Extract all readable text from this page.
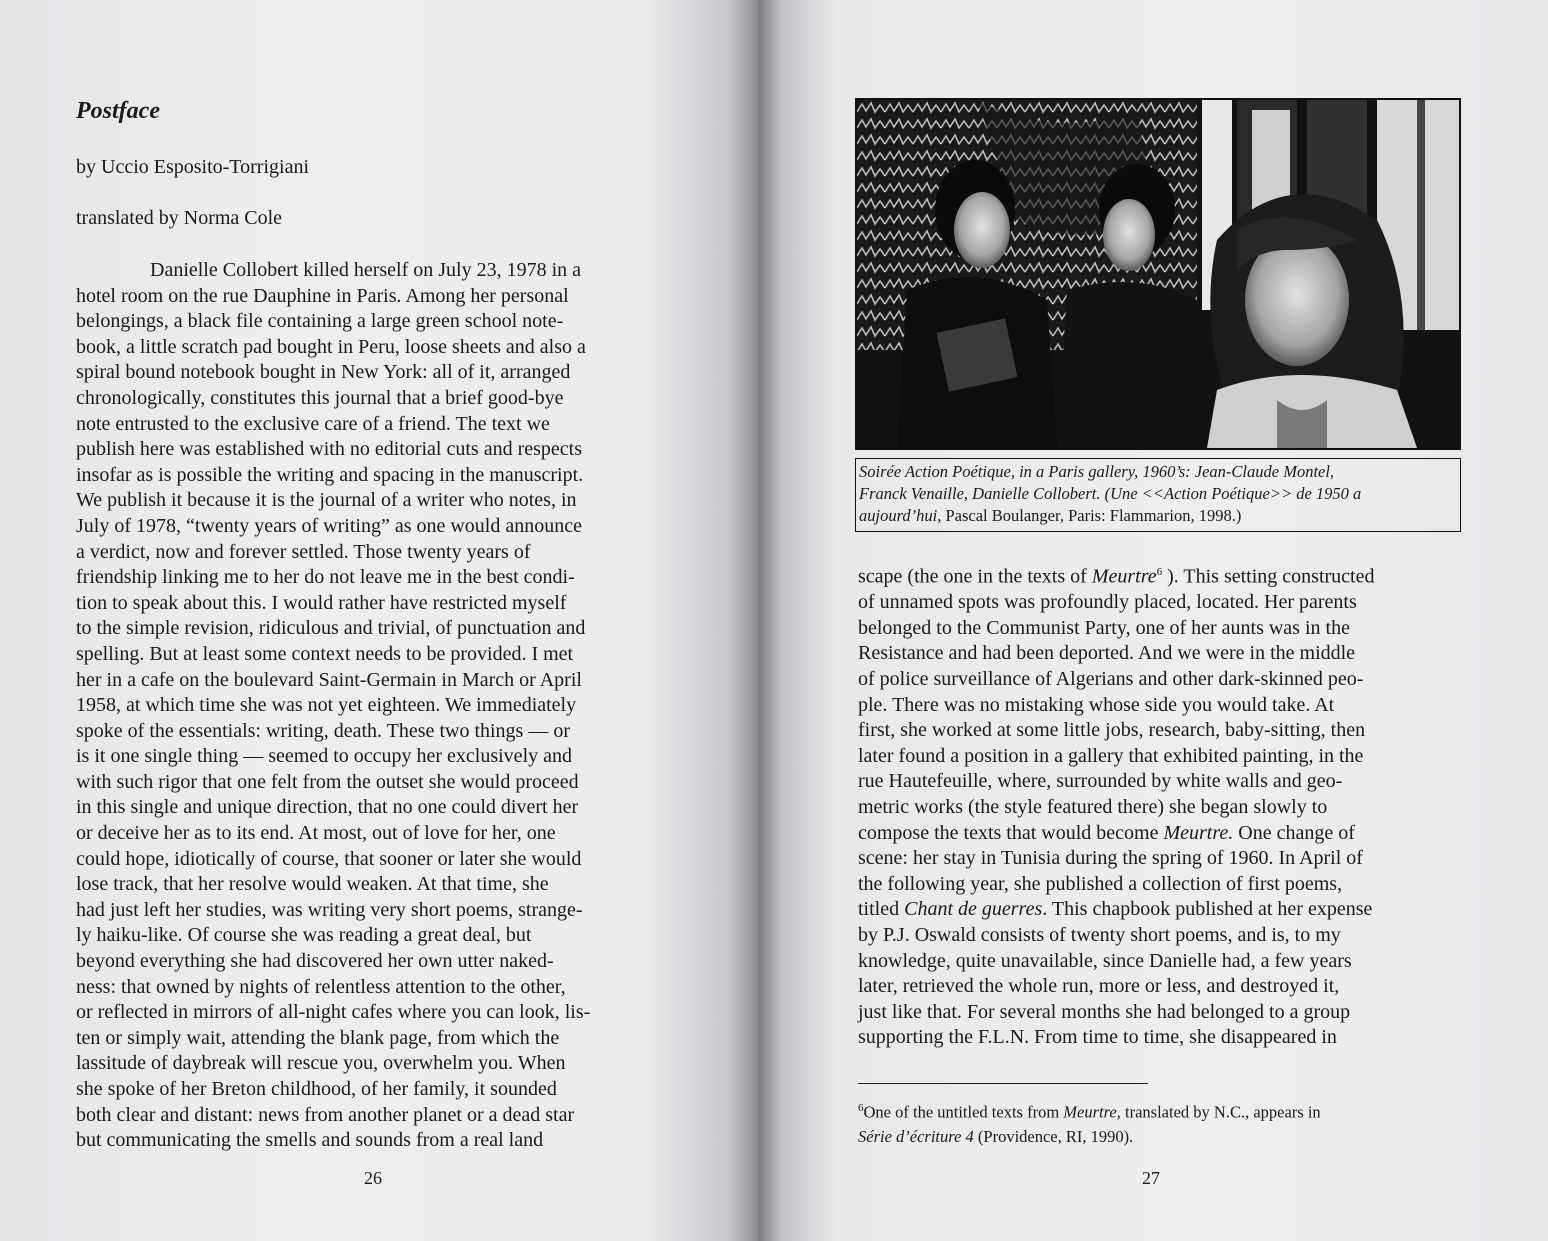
Postface
by Uccio Esposito-Torrigiani
translated by Norma Cole
Danielle Collobert killed herself on July 23, 1978 in a
hotel room on the rue Dauphine in Paris. Among her personal
belongings, a black file containing a large green school note-
book, a little scratch pad bought in Peru, loose sheets and also a
spiral bound notebook bought in New York: all of it, arranged
chronologically, constitutes this journal that a brief good-bye
note entrusted to the exclusive care of a friend. The text we
publish here was established with no editorial cuts and respects
insofar as is possible the writing and spacing in the manuscript.
We publish it because it is the journal of a writer who notes, in
July of 1978, “twenty years of writing” as one would announce
a verdict, now and forever settled. Those twenty years of
friendship linking me to her do not leave me in the best condi-
tion to speak about this. I would rather have restricted myself
to the simple revision, ridiculous and trivial, of punctuation and
spelling. But at least some context needs to be provided. I met
her in a cafe on the boulevard Saint-Germain in March or April
1958, at which time she was not yet eighteen. We immediately
spoke of the essentials: writing, death. These two things — or
is it one single thing — seemed to occupy her exclusively and
with such rigor that one felt from the outset she would proceed
in this single and unique direction, that no one could divert her
or deceive her as to its end. At most, out of love for her, one
could hope, idiotically of course, that sooner or later she would
lose track, that her resolve would weaken. At that time, she
had just left her studies, was writing very short poems, strange-
ly haiku-like. Of course she was reading a great deal, but
beyond everything she had discovered her own utter naked-
ness: that owned by nights of relentless attention to the other,
or reflected in mirrors of all-night cafes where you can look, lis-
ten or simply wait, attending the blank page, from which the
lassitude of daybreak will rescue you, overwhelm you. When
she spoke of her Breton childhood, of her family, it sounded
both clear and distant: news from another planet or a dead star
but communicating the smells and sounds from a real land
26
Soirée Action Poétique, in a Paris gallery, 1960’s: Jean-Claude Montel,
Franck Venaille, Danielle Collobert. (Une <<Action Poétique>> de 1950 a
aujourd’hui, Pascal Boulanger, Paris: Flammarion, 1998.)
scape (the one in the texts of Meurtre$^6$ ). This setting constructed
of unnamed spots was profoundly placed, located. Her parents
belonged to the Communist Party, one of her aunts was in the
Resistance and had been deported. And we were in the middle
of police surveillance of Algerians and other dark-skinned peo-
ple. There was no mistaking whose side you would take. At
first, she worked at some little jobs, research, baby-sitting, then
later found a position in a gallery that exhibited painting, in the
rue Hautefeuille, where, surrounded by white walls and geo-
metric works (the style featured there) she began slowly to
compose the texts that would become Meurtre. One change of
scene: her stay in Tunisia during the spring of 1960. In April of
the following year, she published a collection of first poems,
titled Chant de guerres. This chapbook published at her expense
by P.J. Oswald consists of twenty short poems, and is, to my
knowledge, quite unavailable, since Danielle had, a few years
later, retrieved the whole run, more or less, and destroyed it,
just like that. For several months she had belonged to a group
supporting the F.L.N. From time to time, she disappeared in
$^6$One of the untitled texts from Meurtre, translated by N.C., appears in
Série d’écriture 4 (Providence, RI, 1990).
27
